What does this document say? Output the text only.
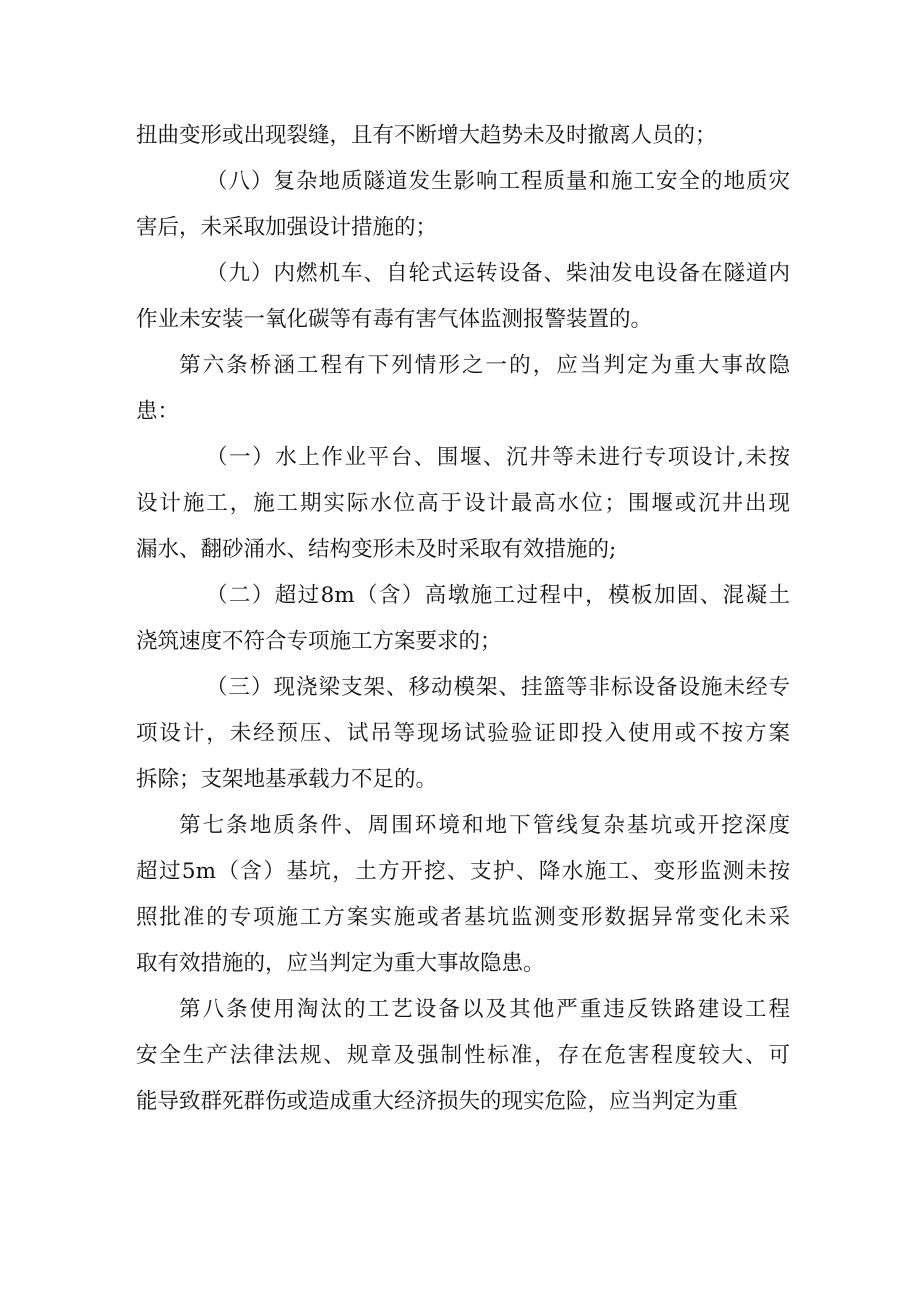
扭曲变形或出现裂缝，且有不断增大趋势未及时撤离人员的；
（八）复杂地质隧道发生影响工程质量和施工安全的地质灾
害后，未采取加强设计措施的；
（九）内燃机车、自轮式运转设备、柴油发电设备在隧道内
作业未安装一氧化碳等有毒有害气体监测报警装置的。
第六条桥涵工程有下列情形之一的，应当判定为重大事故隐
患：
（一）水上作业平台、围堰、沉井等未进行专项设计,未按
设计施工，施工期实际水位高于设计最高水位；围堰或沉井出现
漏水、翻砂涌水、结构变形未及时采取有效措施的;
（二）超过8m（含）高墩施工过程中，模板加固、混凝土
浇筑速度不符合专项施工方案要求的；
（三）现浇梁支架、移动模架、挂篮等非标设备设施未经专
项设计，未经预压、试吊等现场试验验证即投入使用或不按方案
拆除；支架地基承载力不足的。
第七条地质条件、周围环境和地下管线复杂基坑或开挖深度
超过5m（含）基坑，土方开挖、支护、降水施工、变形监测未按
照批准的专项施工方案实施或者基坑监测变形数据异常变化未采
取有效措施的，应当判定为重大事故隐患。
第八条使用淘汰的工艺设备以及其他严重违反铁路建设工程
安全生产法律法规、规章及强制性标准，存在危害程度较大、可
能导致群死群伤或造成重大经济损失的现实危险，应当判定为重
